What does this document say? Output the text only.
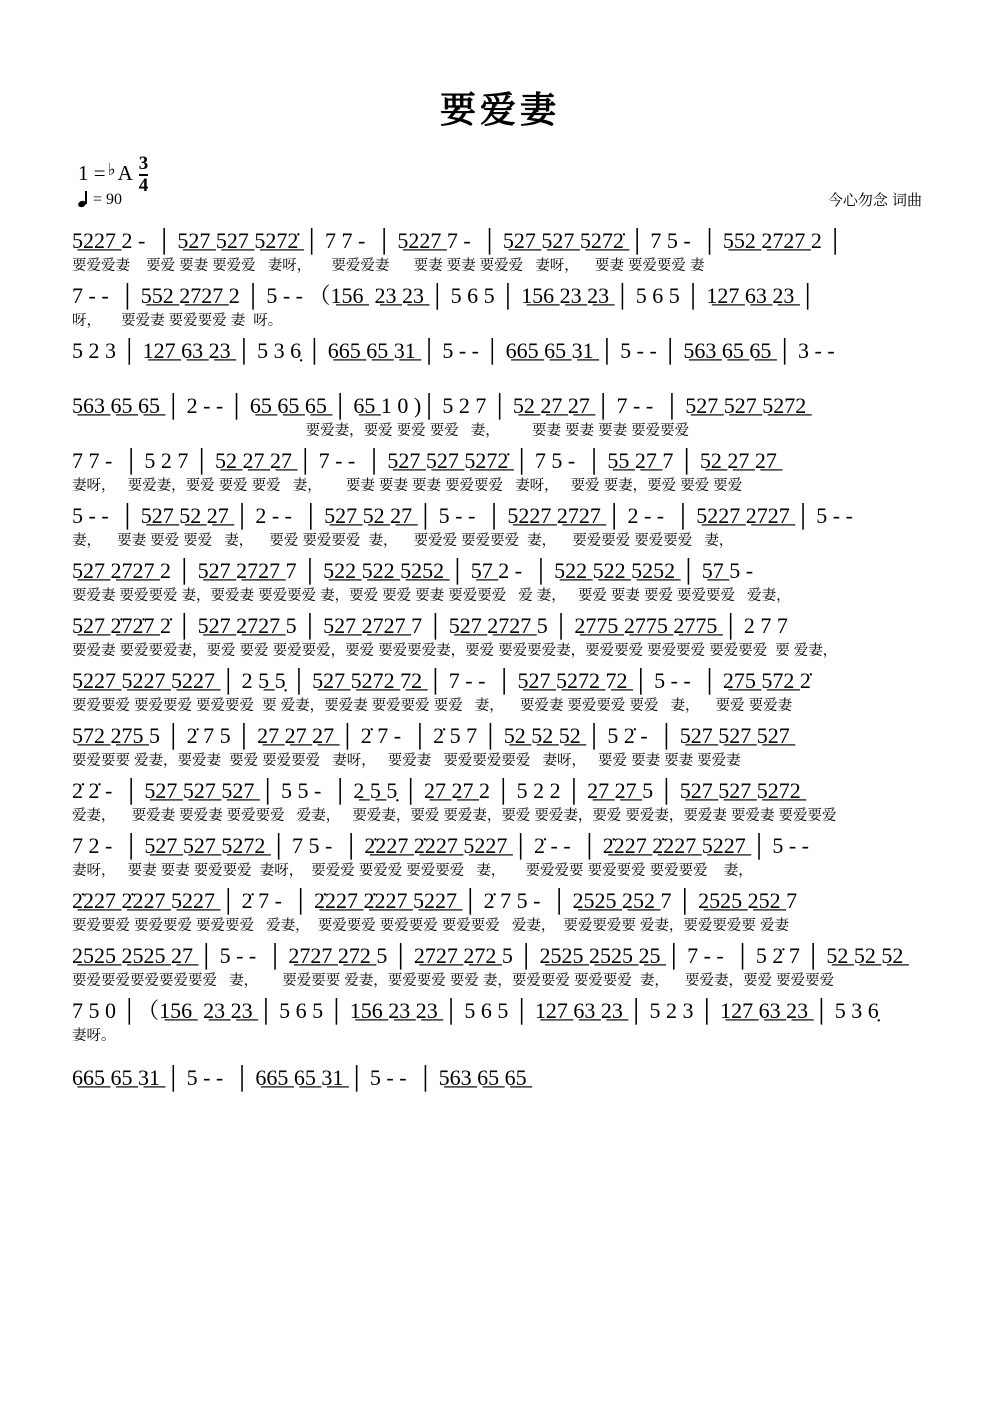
要爱妻
1 = ♭ A $\frac{3}{4}$
= 90	今心勿念 词曲
5̲2̲2̲7̲ 2 -  │ 5̲2̲7̲ 5̲2̲7̲ 5̲2̲7̲2̲̇ │ 7 7 -  │ 5̲2̲2̲7̲ 7 -  │ 5̲2̲7̲ 5̲2̲7̲ 5̲2̲7̲2̲̇ │ 7 5 -  │ 5̲5̲2̲ 2̲7̲2̲7̲ 2 │
要爱爱妻    要爱 要妻 要爱爱   妻呀，     要爱爱妻      要妻 要妻 要爱爱   妻呀，    要妻 要爱要爱 妻
7 - -  │ 5̲5̲2̲ 2̲7̲2̲7̲ 2 │ 5 - - （1̲5̲6̲  2̲3̲ 2̲3̲ │ 5 6 5 │ 1̲5̲6̲ 2̲3̲ 2̲3̲ │ 5 6 5 │ 1̲2̲7̲ 6̲3̲ 2̲3̲ │
呀，     要爱妻 要爱要爱 妻  呀。
5 2 3 │ 1̲2̲7̲ 6̲3̲ 2̲3̲ │ 5 3 6̣ │ 6̲6̲5̲ 6̲5̲ 3̲1̲ │ 5 - - │ 6̲6̲5̲ 6̲5̲ 3̲1̲ │ 5 - - │ 5̲6̲3̲ 6̲5̲ 6̲5̲ │ 3 - -
5̲6̲3̲ 6̲5̲ 6̲5̲ │ 2 - - │ 6̲5̲ 6̲5̲ 6̲5̲ │ 6̲5̲ 1 0 )│ 5 2 7 │ 5̲2̲ 2̲7̲ 2̲7̲ │ 7 - -  │ 5̲2̲7̲ 5̲2̲7̲ 5̲2̲7̲2̲
要爱妻，要爱 要爱 要爱   妻，        要妻 要妻 要妻 要爱要爱
7 7 -  │ 5 2 7 │ 5̲2̲ 2̲7̲ 2̲7̲ │ 7 - -  │ 5̲2̲7̲ 5̲2̲7̲ 5̲2̲7̲2̲̇ │ 7 5 -  │ 5̲5̲ 2̲7̲ 7 │ 5̲2̲ 2̲7̲ 2̲7̲
妻呀，   要爱妻，要爱 要爱 要爱   妻，      要妻 要妻 要妻 要爱要爱   妻呀，   要爱 要妻，要爱 要爱 要爱
5 - -  │ 5̲2̲7̲ 5̲2̲ 2̲7̲ │ 2 - -  │ 5̲2̲7̲ 5̲2̲ 2̲7̲ │ 5 - -  │ 5̲2̲2̲7̲ 2̲7̲2̲7̲ │ 2 - -  │ 5̲2̲2̲7̲ 2̲7̲2̲7̲ │ 5 - -
妻，    要妻 要爱 要爱   妻，    要爱 要爱要爱  妻，    要爱爱 要爱要爱  妻，    要爱要爱 要爱要爱   妻，
5̲2̲7̲ 2̲7̲2̲7̲ 2 │ 5̲2̲7̲ 2̲7̲2̲7̲ 7 │ 5̲2̲2̲ 5̲2̲2̲ 5̲2̲5̲2̲ │ 5̲7̲ 2 -  │ 5̲2̲2̲ 5̲2̲2̲ 5̲2̲5̲2̲ │ 5̲7̲ 5 -
要爱妻 要爱要爱 妻，要爱妻 要爱要爱 妻，要爱 要爱 要妻 要爱要爱   爱 妻，   要爱 要妻 要爱 要爱要爱   爱妻，
5̲2̲7̲ 2̲̇7̲2̲̇7̲ 2̇ │ 5̲2̲7̲ 2̲7̲2̲7̲ 5 │ 5̲2̲7̲ 2̲7̲2̲7̲ 7 │ 5̲2̲7̲ 2̲7̲2̲7̲ 5 │ 2̲7̲7̲5̲ 2̲7̲7̲5̲ 2̲7̲7̲5̲ │ 2 7 7
要爱妻 要爱要爱妻，要爱 要爱 要爱要爱，要爱 要爱要爱妻，要爱 要爱要爱妻，要爱要爱 要爱要爱 要爱要爱  要 爱妻，
5̲2̲2̲7̲ 5̲2̲2̲7̲ 5̲2̲2̲7̲ │ 2 5̲ 5̣ │ 5̲2̲7̲ 5̲2̲7̲2̲ 7̲2̲ │ 7 - -  │ 5̲2̲7̲ 5̲2̲7̲2̲ 7̲2̲ │ 5 - -  │ 2̲7̲5̲ 5̲7̲2̲ 2̇
要爱要爱 要爱要爱 要爱要爱  要 爱妻，要爱妻 要爱要爱 要爱   妻，    要爱妻 要爱要爱 要爱   妻，    要爱 要爱妻
5̲7̲2̲ 2̲7̲5̲ 5 │ 2̇ 7 5 │ 2̲7̲ 2̲7̲ 2̲7̲ │ 2̇ 7 -  │ 2̇ 5 7 │ 5̲2̲ 5̲2̲ 5̲2̲ │ 5 2̇ -  │ 5̲2̲7̲ 5̲2̲7̲ 5̲2̲7̲
要爱要要 爱妻，要爱妻  要爱 要爱要爱   妻呀，   要爱妻   要爱要爱要爱   妻呀，   要爱 要妻 要妻 要爱妻
2̇ 2̇ -  │ 5̲2̲7̲ 5̲2̲7̲ 5̲2̲7̲ │ 5 5 -  │ 2̲ 5̲ 5̣ │ 2̲7̲ 2̲7̲ 2 │ 5 2 2 │ 2̲7̲ 2̲7̲ 5 │ 5̲2̲7̲ 5̲2̲7̲ 5̲2̲7̲2̲
爱妻，    要爱妻 要爱妻 要爱要爱   爱妻，   要爱妻，要爱 要爱妻，要爱 要爱妻，要爱 要爱妻，要爱妻 要爱妻 要爱要爱
7 2 -  │ 5̲2̲7̲ 5̲2̲7̲ 5̲2̲7̲2̲ │ 7 5 -  │ 2̲̇2̲2̲7̲ 2̲̇2̲2̲7̲ 5̲2̲2̲7̲ │ 2̇ - -  │ 2̲̇2̲2̲7̲ 2̲̇2̲2̲7̲ 5̲2̲2̲7̲ │ 5 - -
妻呀，   要妻 要妻 要爱要爱  妻呀，  要爱爱 要爱爱 要爱要爱   妻，     要爱爱要 要爱要爱 要爱要爱    妻，
2̲̇2̲2̲7̲ 2̲̇2̲2̲7̲ 5̲2̲2̲7̲ │ 2̇ 7 -  │ 2̲̇2̲2̲7̲ 2̲̇2̲2̲7̲ 5̲2̲2̲7̲ │ 2̇ 7 5 -  │ 2̲5̲2̲5̲ 2̲5̲2̲ 7 │ 2̲5̲2̲5̲ 2̲5̲2̲ 7
要爱要爱 要爱要爱 要爱要爱   爱妻，  要爱要爱 要爱要爱 要爱要爱   爱妻，  要爱要爱要 爱妻，要爱要爱要 爱妻
2̲5̲2̲5̲ 2̲5̲2̲5̲ 2̲7̲ │ 5 - -  │ 2̲7̲2̲7̲ 2̲7̲2̲ 5 │ 2̲7̲2̲7̲ 2̲7̲2̲ 5 │ 2̲5̲2̲5̲ 2̲5̲2̲5̲ 2̲5̲ │ 7 - -  │ 5 2̇ 7 │ 5̲2̲ 5̲2̲ 5̲2̲
要爱要爱要爱要爱要爱   妻，      要爱要要 爱妻，要爱要爱 要爱 妻，要爱要爱 要爱要爱  妻，    要爱妻，要爱 要爱要爱
7 5 0 │（1̲5̲6̲  2̲3̲ 2̲3̲ │ 5 6 5 │ 1̲5̲6̲ 2̲3̲ 2̲3̲ │ 5 6 5 │ 1̲2̲7̲ 6̲3̲ 2̲3̲ │ 5 2 3 │ 1̲2̲7̲ 6̲3̲ 2̲3̲ │ 5 3 6̣
妻呀。
6̲6̲5̲ 6̲5̲ 3̲1̲ │ 5 - -  │ 6̲6̲5̲ 6̲5̲ 3̲1̲ │ 5 - -  │ 5̲6̲3̲ 6̲5̲ 6̲5̲
